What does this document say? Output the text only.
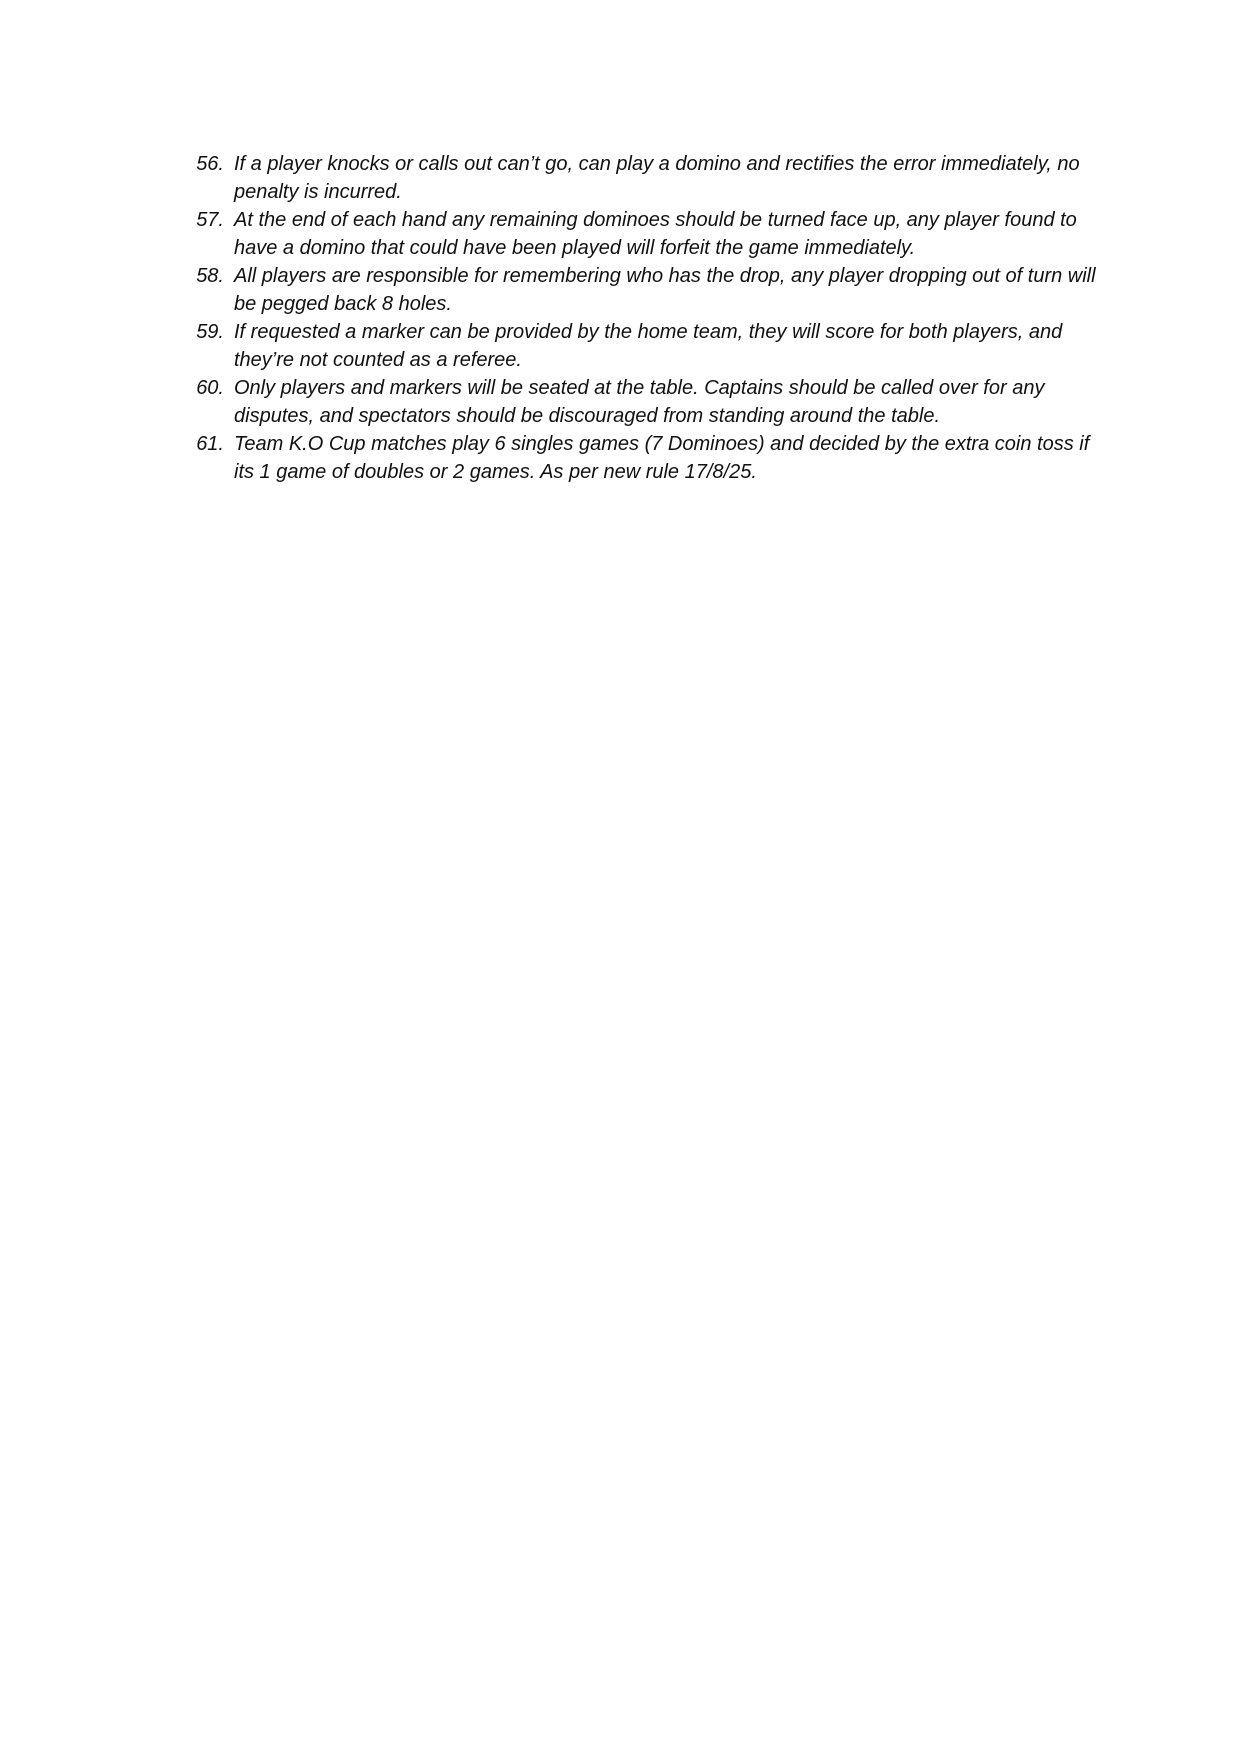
56. If a player knocks or calls out can’t go, can play a domino and rectifies the error immediately, no penalty is incurred.
57. At the end of each hand any remaining dominoes should be turned face up, any player found to have a domino that could have been played will forfeit the game immediately.
58. All players are responsible for remembering who has the drop, any player dropping out of turn will be pegged back 8 holes.
59. If requested a marker can be provided by the home team, they will score for both players, and they’re not counted as a referee.
60. Only players and markers will be seated at the table. Captains should be called over for any disputes, and spectators should be discouraged from standing around the table.
61. Team K.O Cup matches play 6 singles games (7 Dominoes) and decided by the extra coin toss if its 1 game of doubles or 2 games. As per new rule 17/8/25.
